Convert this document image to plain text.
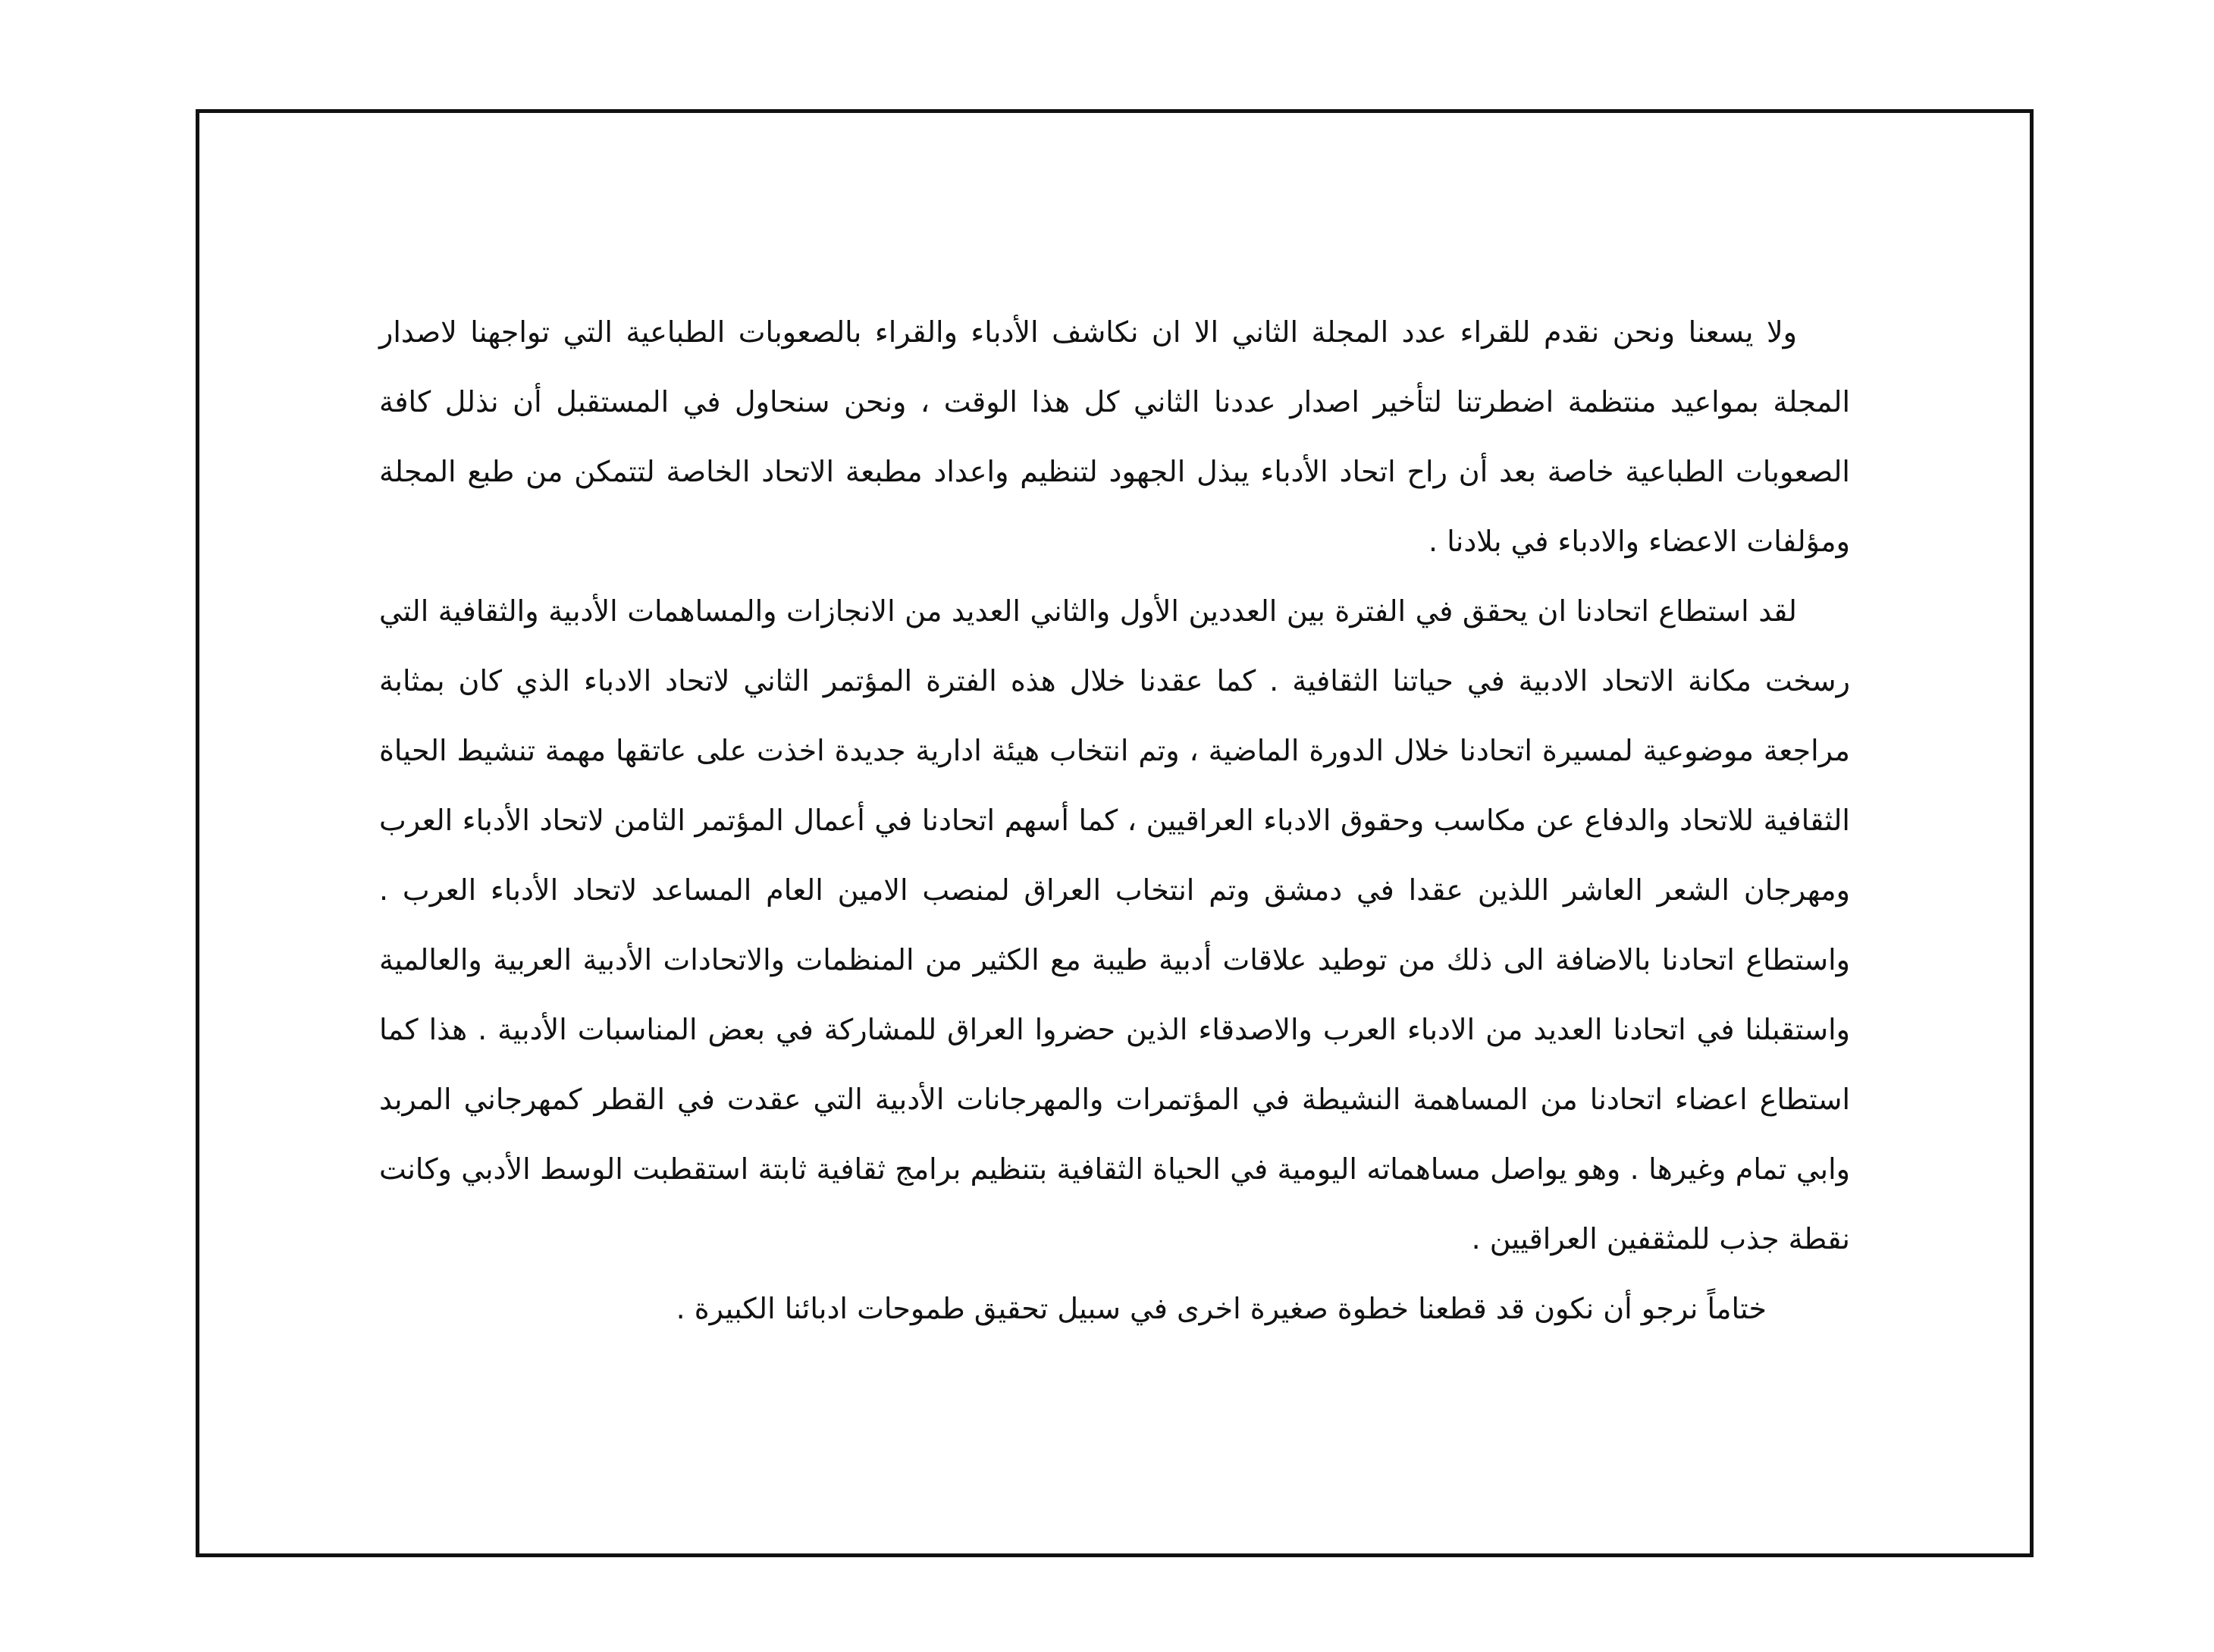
ولا يسعنا ونحن نقدم للقراء عدد المجلة الثاني الا ان نكاشف الأدباء والقراء بالصعوبات الطباعية التي تواجهنا لاصدار المجلة بمواعيد منتظمة اضطرتنا لتأخير اصدار عددنا الثاني كل هذا الوقت ، ونحن سنحاول في المستقبل أن نذلل كافة الصعوبات الطباعية خاصة بعد أن راح اتحاد الأدباء يبذل الجهود لتنظيم واعداد مطبعة الاتحاد الخاصة لتتمكن من طبع المجلة ومؤلفات الاعضاء والادباء في بلادنا .

لقد استطاع اتحادنا ان يحقق في الفترة بين العددين الأول والثاني العديد من الانجازات والمساهمات الأدبية والثقافية التي رسخت مكانة الاتحاد الادبية في حياتنا الثقافية . كما عقدنا خلال هذه الفترة المؤتمر الثاني لاتحاد الادباء الذي كان بمثابة مراجعة موضوعية لمسيرة اتحادنا خلال الدورة الماضية ، وتم انتخاب هيئة ادارية جديدة اخذت على عاتقها مهمة تنشيط الحياة الثقافية للاتحاد والدفاع عن مكاسب وحقوق الادباء العراقيين ، كما أسهم اتحادنا في أعمال المؤتمر الثامن لاتحاد الأدباء العرب ومهرجان الشعر العاشر اللذين عقدا في دمشق وتم انتخاب العراق لمنصب الامين العام المساعد لاتحاد الأدباء العرب . واستطاع اتحادنا بالاضافة الى ذلك من توطيد علاقات أدبية طيبة مع الكثير من المنظمات والاتحادات الأدبية العربية والعالمية واستقبلنا في اتحادنا العديد من الادباء العرب والاصدقاء الذين حضروا العراق للمشاركة في بعض المناسبات الأدبية . هذا كما استطاع اعضاء اتحادنا من المساهمة النشيطة في المؤتمرات والمهرجانات الأدبية التي عقدت في القطر كمهرجاني المربد وابي تمام وغيرها . وهو يواصل مساهماته اليومية في الحياة الثقافية بتنظيم برامج ثقافية ثابتة استقطبت الوسط الأدبي وكانت نقطة جذب للمثقفين العراقيين .

ختاماً نرجو أن نكون قد قطعنا خطوة صغيرة اخرى في سبيل تحقيق طموحات ادبائنا الكبيرة .
